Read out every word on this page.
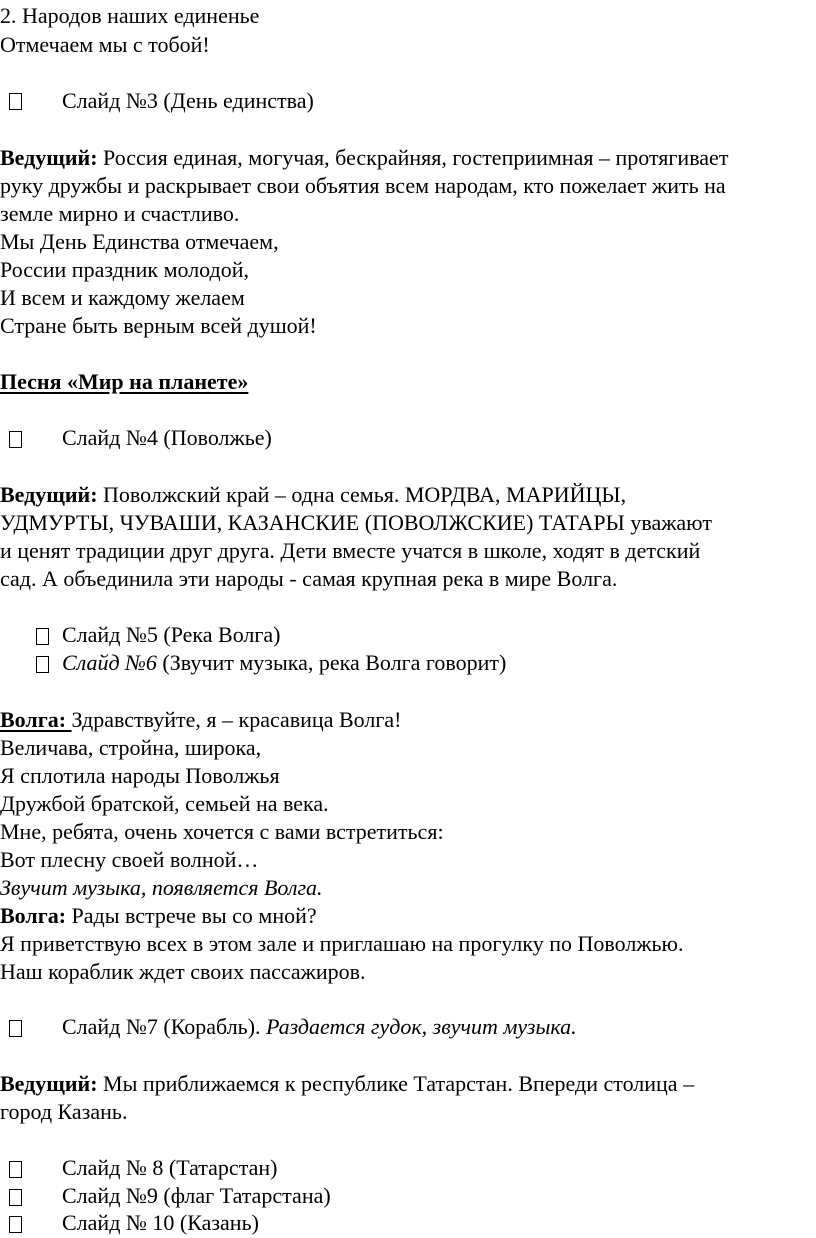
2. Народов наших единенье
Отмечаем мы с тобой!
Слайд №3 (День единства)
Ведущий: Россия единая, могучая, бескрайняя, гостеприимная – протягивает
руку дружбы и раскрывает свои объятия всем народам, кто пожелает жить на
земле мирно и счастливо.
Мы День Единства отмечаем,
России праздник молодой,
И всем и каждому желаем
Стране быть верным всей душой!
Песня «Мир на планете»
Слайд №4 (Поволжье)
Ведущий: Поволжский край – одна семья. МОРДВА, МАРИЙЦЫ,
УДМУРТЫ, ЧУВАШИ, КАЗАНСКИЕ (ПОВОЛЖСКИЕ) ТАТАРЫ уважают
и ценят традиции друг друга. Дети вместе учатся в школе, ходят в детский
сад. А объединила эти народы - самая крупная река в мире Волга.
Слайд №5 (Река Волга)
Слайд №6 (Звучит музыка, река Волга говорит)
Волга: Здравствуйте, я – красавица Волга!
Величава, стройна, широка,
Я сплотила народы Поволжья
Дружбой братской, семьей на века.
Мне, ребята, очень хочется с вами встретиться:
Вот плесну своей волной…
Звучит музыка, появляется Волга.
Волга: Рады встрече вы со мной?
Я приветствую всех в этом зале и приглашаю на прогулку по Поволжью.
Наш кораблик ждет своих пассажиров.
Слайд №7 (Корабль). Раздается гудок, звучит музыка.
Ведущий: Мы приближаемся к республике Татарстан. Впереди столица –
город Казань.
Слайд № 8 (Татарстан)
Слайд №9 (флаг Татарстана)
Слайд № 10 (Казань)
